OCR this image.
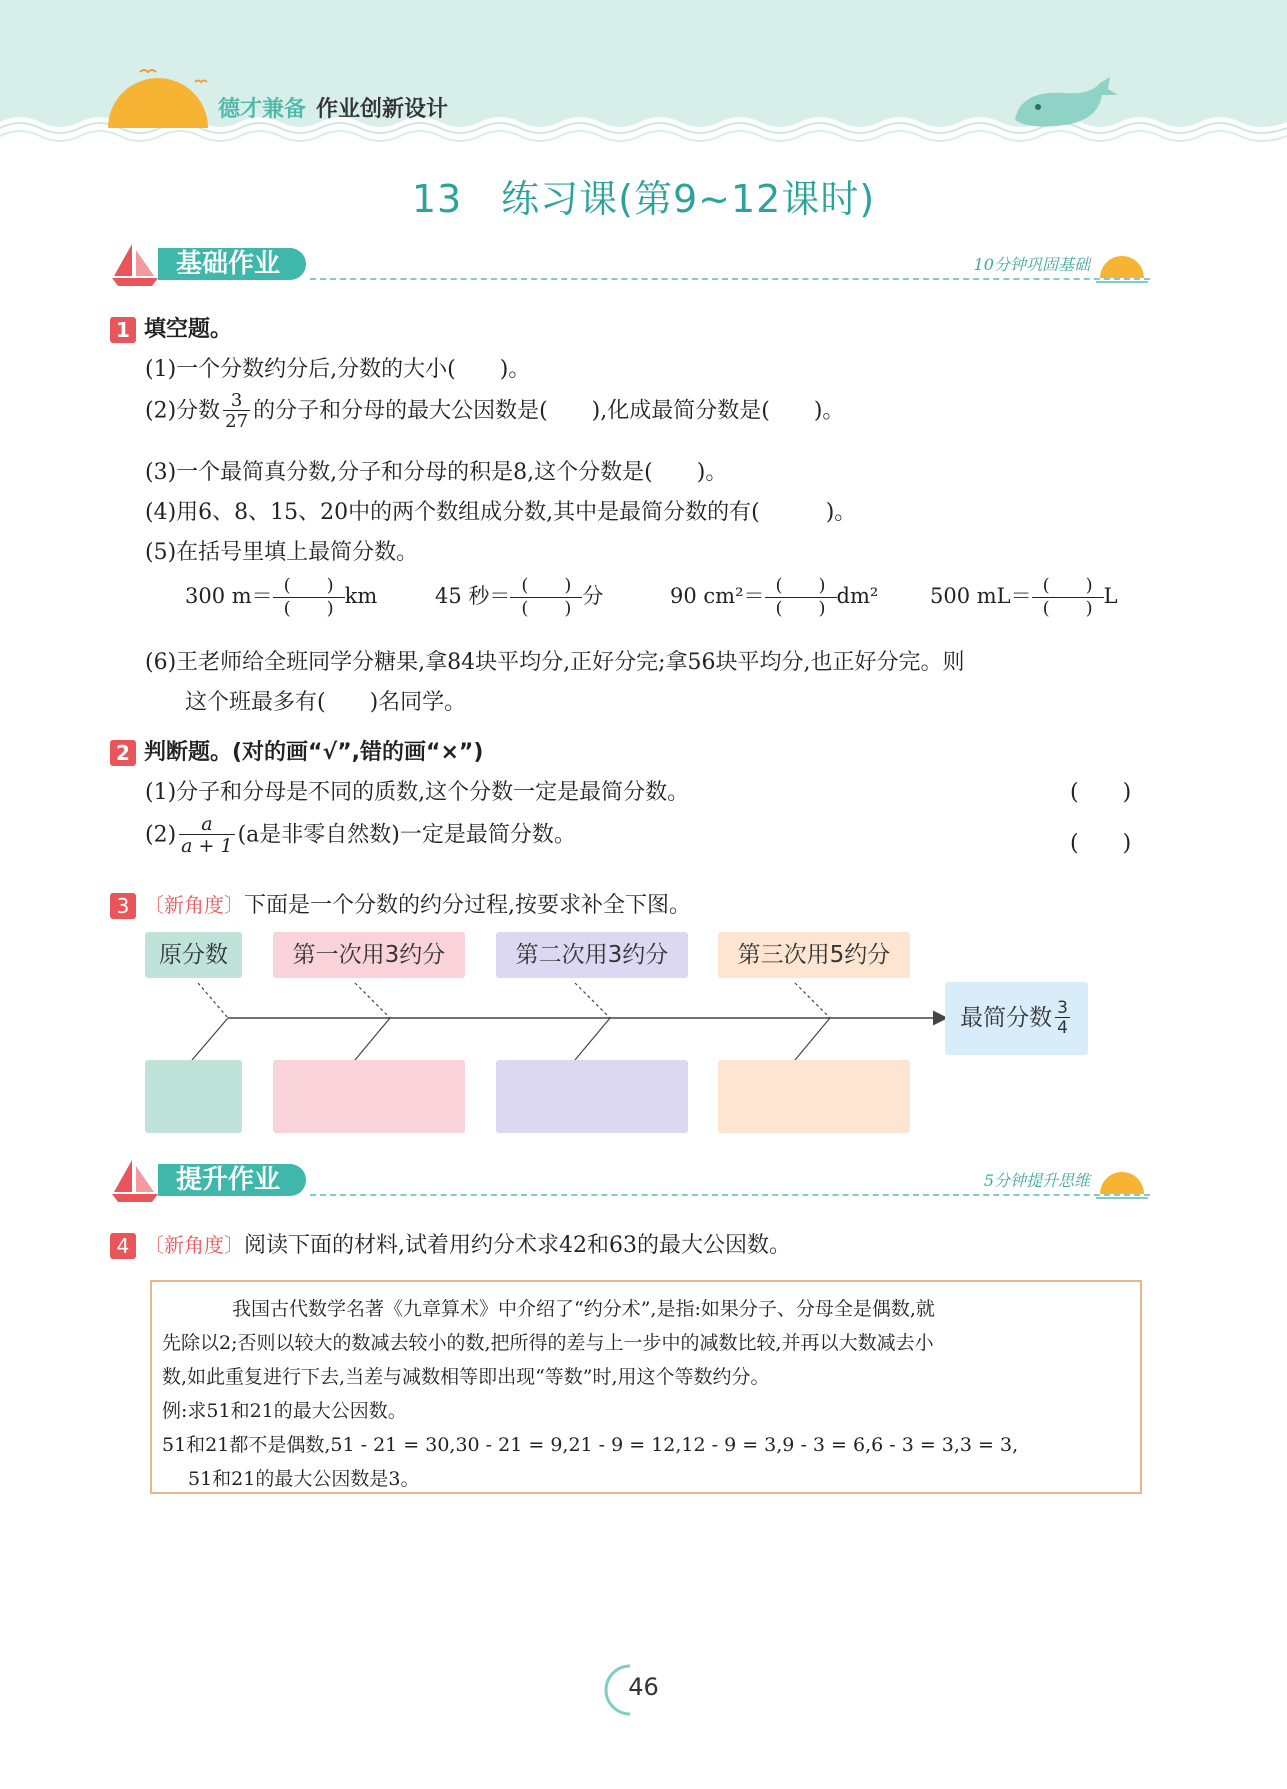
德才兼备 作业创新设计
13　练习课(第9~12课时)
基础作业	10分钟巩固基础
1 填空题。
(1)一个分数约分后,分数的大小(　　)。
(2)分数 $\frac{3}{27}$ 的分子和分母的最大公因数是(　　),化成最简分数是(　　)。
(3)一个最简真分数,分子和分母的积是8,这个分数是(　　)。
(4)用6、8、15、20中的两个数组成分数,其中是最简分数的有(　　　)。
(5)在括号里填上最简分数。
300 m＝ (　　)
(　　)
km	45 秒＝ (　　)
(　　)
分	90 cm²＝ (　　)
(　　)
dm² 500 mL＝ (　　)
(　　)
L
(6)王老师给全班同学分糖果,拿84块平均分,正好分完;拿56块平均分,也正好分完。则
这个班最多有(　　)名同学。
2 判断题。(对的画“√”,错的画“×”)
(1)分子和分母是不同的质数,这个分数一定是最简分数。	(　　)
$(2) \frac{a}{a + 1} (a$是非零自然数)一定是最简分数。	(　　)
3 〔新角度〕下面是一个分数的约分过程,按要求补全下图。
原分数	第一次用3约分	第二次用3约分	第三次用5约分
最简分数 $\frac{3}{4}$
提升作业	5分钟提升思维
4 〔新角度〕阅读下面的材料,试着用约分术求42和63的最大公因数。

我国古代数学名著《九章算术》中介绍了“约分术”,是指:如果分子、分母全是偶数,就

先除以2;否则以较大的数减去较小的数,把所得的差与上一步中的减数比较,并再以大数减去小

数,如此重复进行下去,当差与减数相等即出现“等数”时,用这个等数约分。

例:求51和21的最大公因数。

51和21都不是偶数,51 - 21 = 30,30 - 21 = 9,21 - 9 = 12,12 - 9 = 3,9 - 3 = 6,6 - 3 = 3,3 = 3,

51和21的最大公因数是3。

46
